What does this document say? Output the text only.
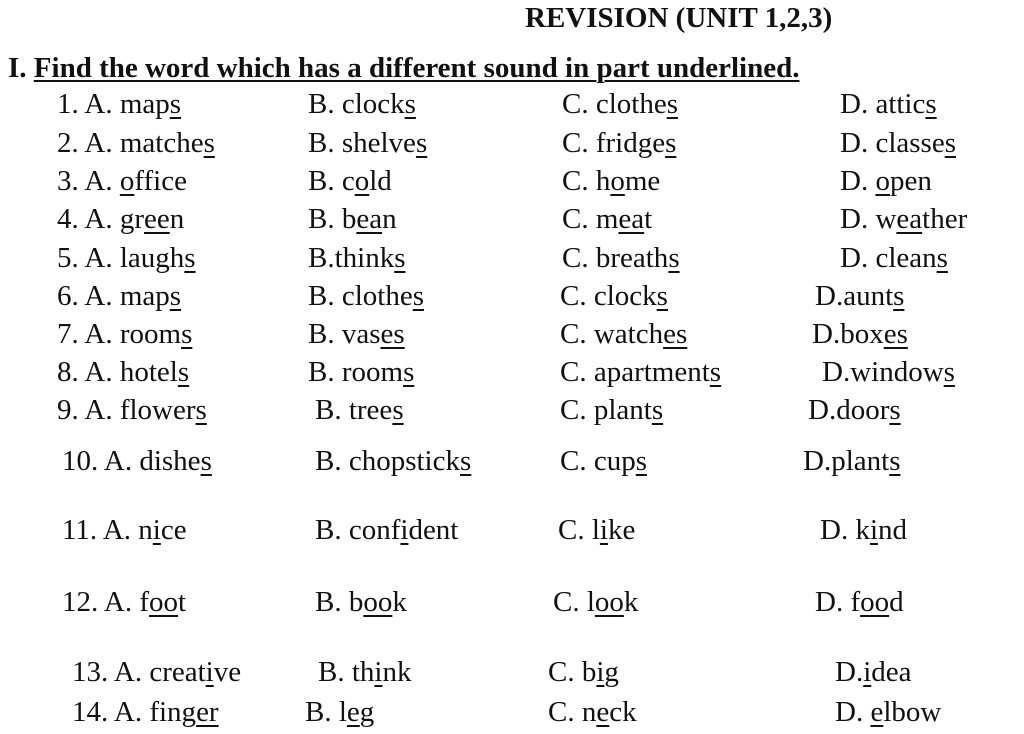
REVISION (UNIT 1,2,3)
I. Find the word which has a different sound in part underlined.
1. A. maps	B. clocks	C. clothes	D. attics
2. A. matches	B. shelves	C. fridges	D. classes
3. A. office	B. cold	C. home	D. open
4. A. green	B. bean	C. meat	D. weather
5. A. laughs	B.thinks	C. breaths	D. cleans
6. A. maps	B. clothes	C. clocks	D.aunts
7. A. rooms	B. vases	C. watches	D.boxes
8. A. hotels	B. rooms	C. apartments	D.windows
9. A. flowers	B. trees	C. plants	D.doors
10. A. dishes	B. chopsticks	C. cups	D.plants
11. A. nice	B. confident	C. like	D. kind
12. A. foot	B. book	C. look	D. food
13. A. creative	B. think	C. big	D.idea
14. A. finger	B. leg	C. neck	D. elbow
